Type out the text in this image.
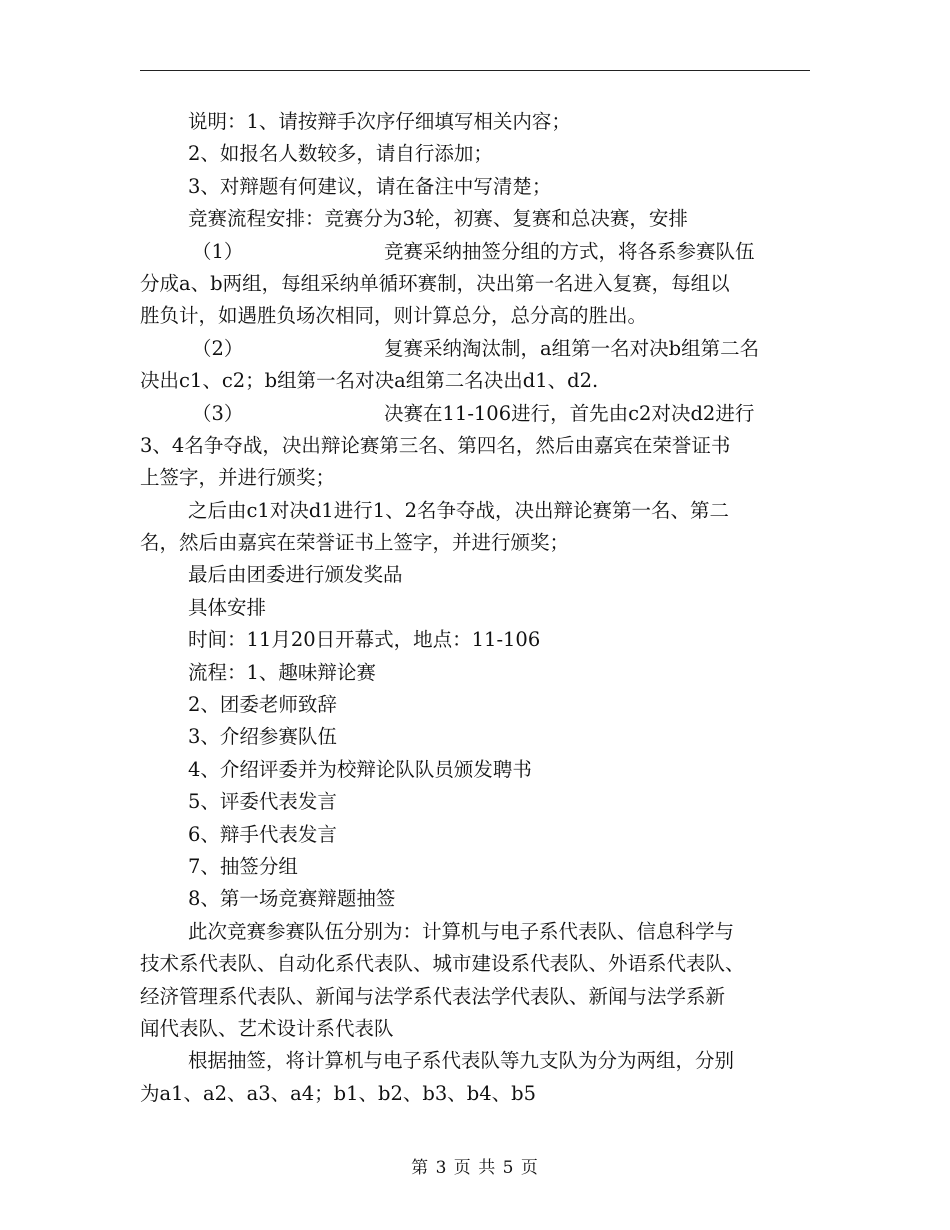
说明：1、请按辩手次序仔细填写相关内容；
2、如报名人数较多，请自行添加；
3、对辩题有何建议，请在备注中写清楚；
竞赛流程安排：竞赛分为3轮，初赛、复赛和总决赛，安排
（1）	竞赛采纳抽签分组的方式，将各系参赛队伍
分成a、b两组，每组采纳单循环赛制，决出第一名进入复赛，每组以
胜负计，如遇胜负场次相同，则计算总分，总分高的胜出。
（2）	复赛采纳淘汰制，a组第一名对决b组第二名
决出c1、c2；b组第一名对决a组第二名决出d1、d2.
（3）	决赛在11-106进行，首先由c2对决d2进行
3、4名争夺战，决出辩论赛第三名、第四名，然后由嘉宾在荣誉证书
上签字，并进行颁奖；
之后由c1对决d1进行1、2名争夺战，决出辩论赛第一名、第二
名，然后由嘉宾在荣誉证书上签字，并进行颁奖；
最后由团委进行颁发奖品
具体安排
时间：11月20日开幕式，地点：11-106
流程：1、趣味辩论赛
2、团委老师致辞
3、介绍参赛队伍
4、介绍评委并为校辩论队队员颁发聘书
5、评委代表发言
6、辩手代表发言
7、抽签分组
8、第一场竞赛辩题抽签
此次竞赛参赛队伍分别为：计算机与电子系代表队、信息科学与
技术系代表队、自动化系代表队、城市建设系代表队、外语系代表队、
经济管理系代表队、新闻与法学系代表法学代表队、新闻与法学系新
闻代表队、艺术设计系代表队
根据抽签，将计算机与电子系代表队等九支队为分为两组，分别
为a1、a2、a3、a4；b1、b2、b3、b4、b5
第 3 页 共 5 页
